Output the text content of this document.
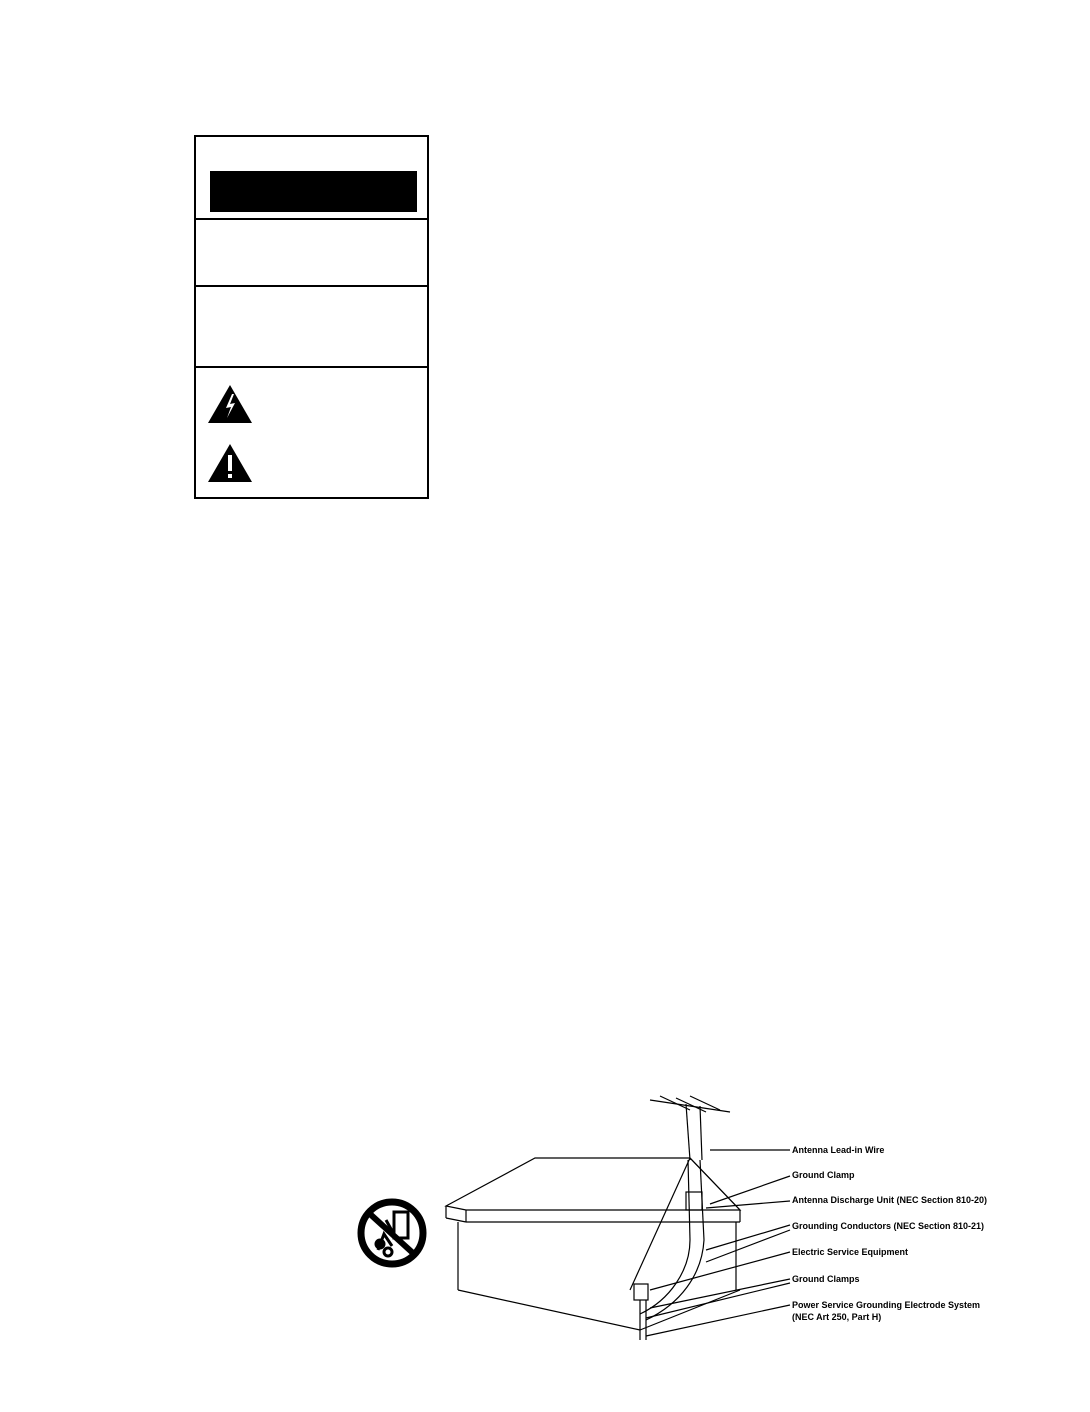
Antenna Lead-in Wire
Ground Clamp
Antenna Discharge Unit (NEC Section 810-20)
Grounding Conductors (NEC Section 810-21)
Electric Service Equipment
Ground Clamps
Power Service Grounding Electrode System
(NEC Art 250, Part H)
